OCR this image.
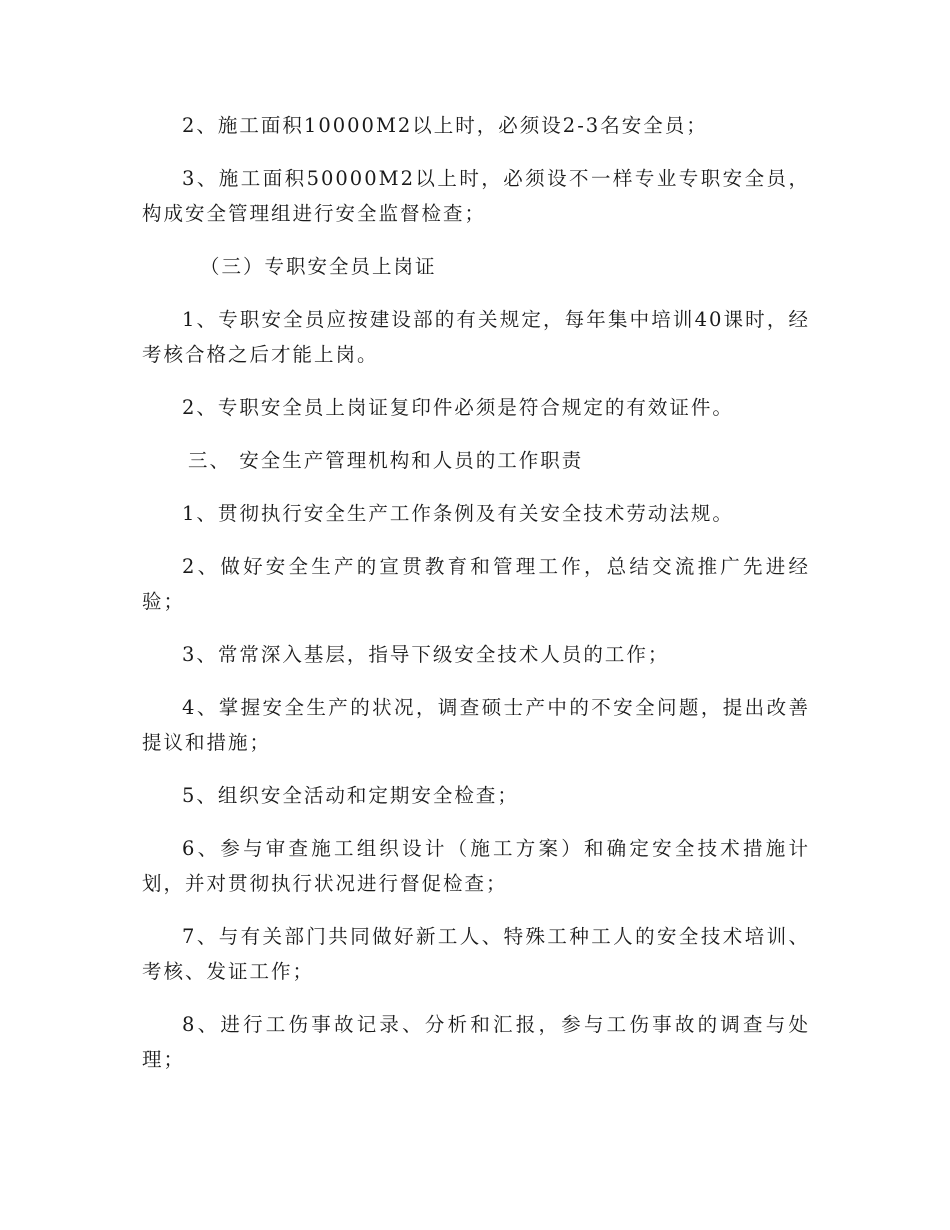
2、施工面积10000M2以上时，必须设2-3名安全员；

3、施工面积50000M2以上时，必须设不一样专业专职安全员，构成安全管理组进行安全监督检查；

（三）专职安全员上岗证

1、专职安全员应按建设部的有关规定，每年集中培训40课时，经考核合格之后才能上岗。

2、专职安全员上岗证复印件必须是符合规定的有效证件。

三、 安全生产管理机构和人员的工作职责

1、贯彻执行安全生产工作条例及有关安全技术劳动法规。

2、做好安全生产的宣贯教育和管理工作，总结交流推广先进经验；

3、常常深入基层，指导下级安全技术人员的工作；

4、掌握安全生产的状况，调查硕士产中的不安全问题，提出改善提议和措施；

5、组织安全活动和定期安全检查；

6、参与审查施工组织设计（施工方案）和确定安全技术措施计划，并对贯彻执行状况进行督促检查；

7、与有关部门共同做好新工人、特殊工种工人的安全技术培训、考核、发证工作；

8、进行工伤事故记录、分析和汇报，参与工伤事故的调查与处理；
